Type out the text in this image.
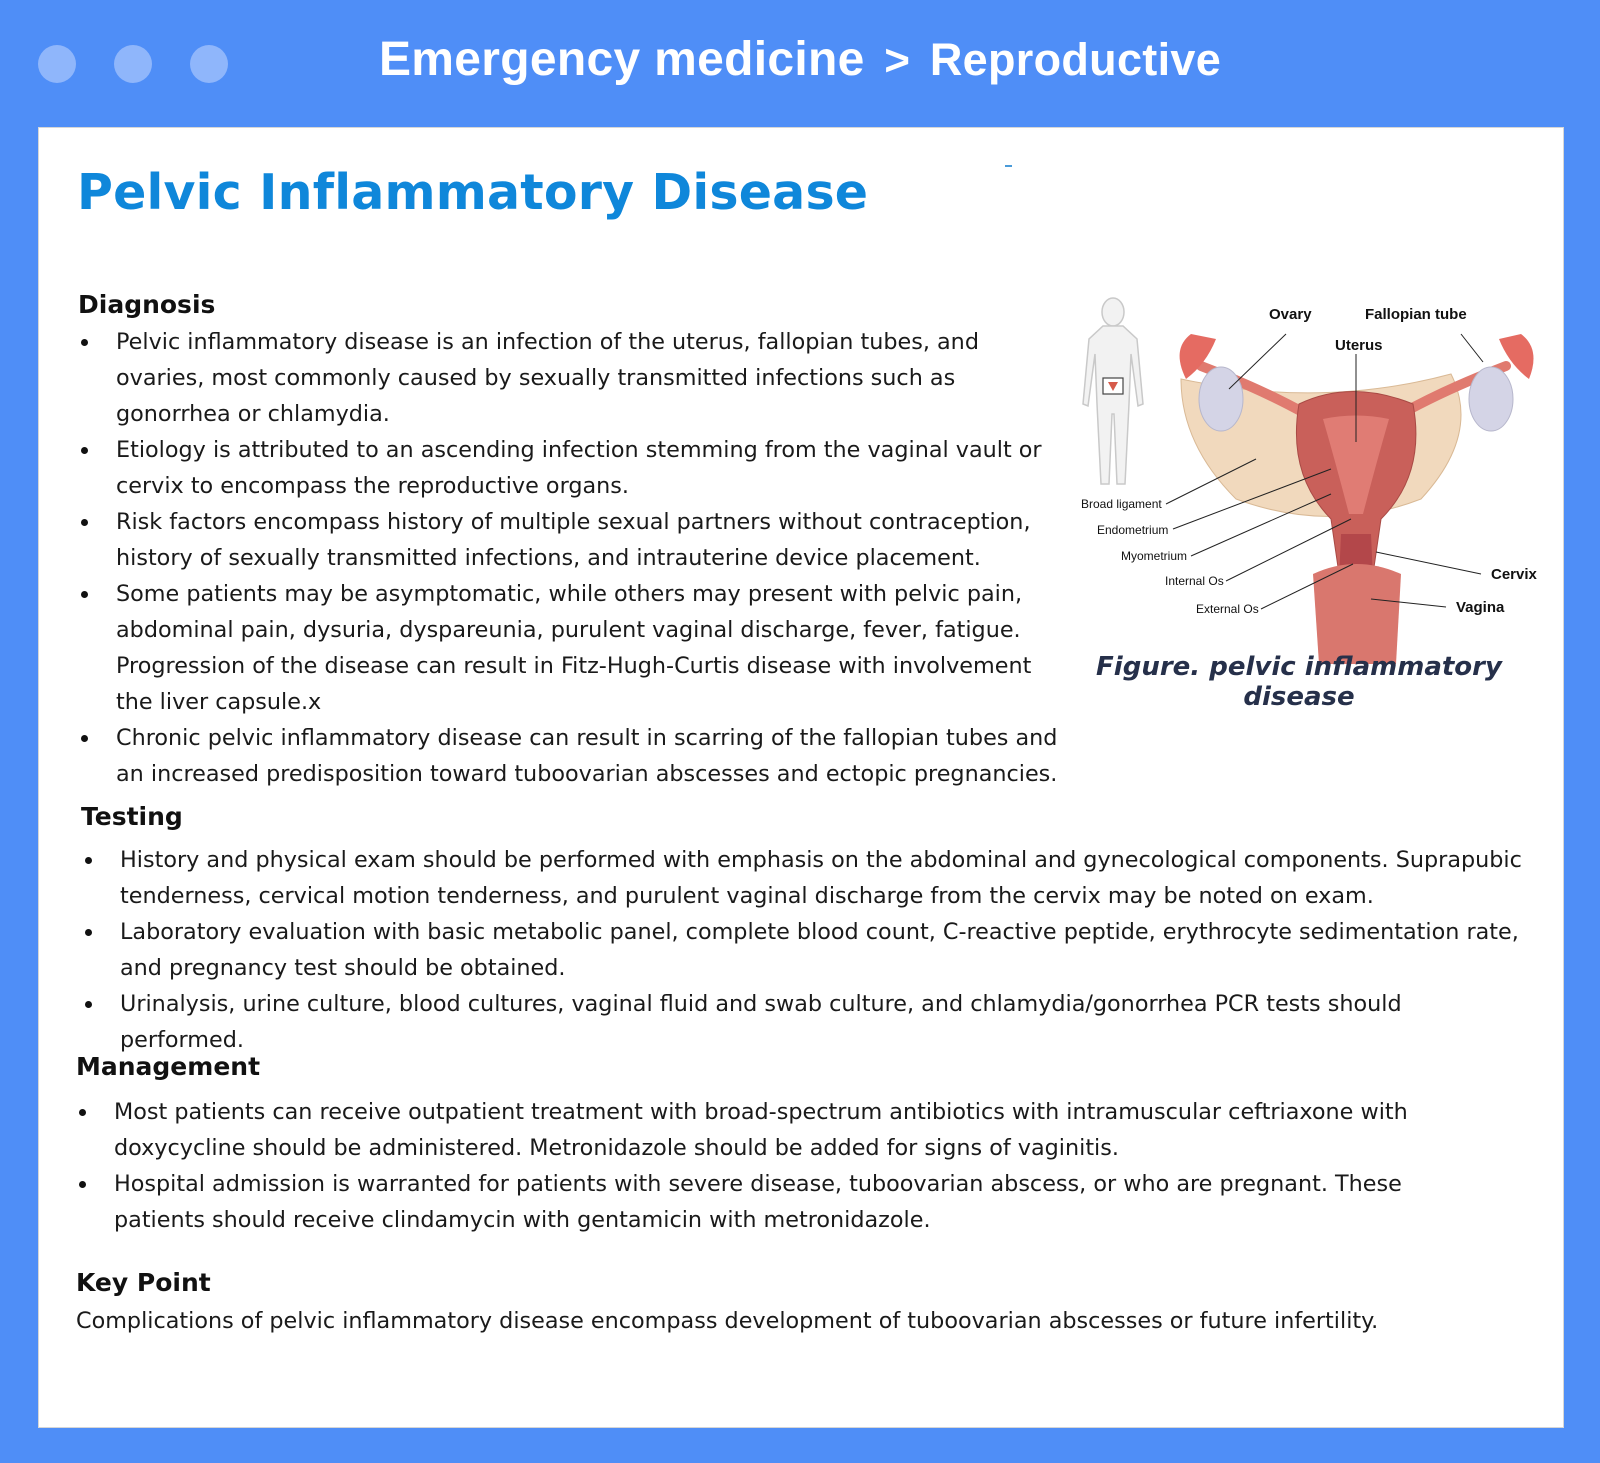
Emergency medicine > Reproductive
Pelvic Inflammatory Disease
Diagnosis
Pelvic inflammatory disease is an infection of the uterus, fallopian tubes, and ovaries, most commonly caused by sexually transmitted infections such as gonorrhea or chlamydia.
Etiology is attributed to an ascending infection stemming from the vaginal vault or cervix to encompass the reproductive organs.
Risk factors encompass history of multiple sexual partners without contraception, history of sexually transmitted infections, and intrauterine device placement.
Some patients may be asymptomatic, while others may present with pelvic pain, abdominal pain, dysuria, dyspareunia, purulent vaginal discharge, fever, fatigue. Progression of the disease can result in Fitz-Hugh-Curtis disease with involvement the liver capsule.x
Chronic pelvic inflammatory disease can result in scarring of the fallopian tubes and an increased predisposition toward tuboovarian abscesses and ectopic pregnancies.
Ovary	Fallopian tube
Uterus
Broad ligament
Endometrium
Myometrium
Internal Os
External Os
Cervix
Vagina

Figure. pelvic inflammatory disease

Testing
History and physical exam should be performed with emphasis on the abdominal and gynecological components. Suprapubic tenderness, cervical motion tenderness, and purulent vaginal discharge from the cervix may be noted on exam.
Laboratory evaluation with basic metabolic panel, complete blood count, C-reactive peptide, erythrocyte sedimentation rate, and pregnancy test should be obtained.
Urinalysis, urine culture, blood cultures, vaginal fluid and swab culture, and chlamydia/gonorrhea PCR tests should performed.
Management
Most patients can receive outpatient treatment with broad-spectrum antibiotics with intramuscular ceftriaxone with doxycycline should be administered. Metronidazole should be added for signs of vaginitis.
Hospital admission is warranted for patients with severe disease, tuboovarian abscess, or who are pregnant. These patients should receive clindamycin with gentamicin with metronidazole.
Key Point

Complications of pelvic inflammatory disease encompass development of tuboovarian abscesses or future infertility.
